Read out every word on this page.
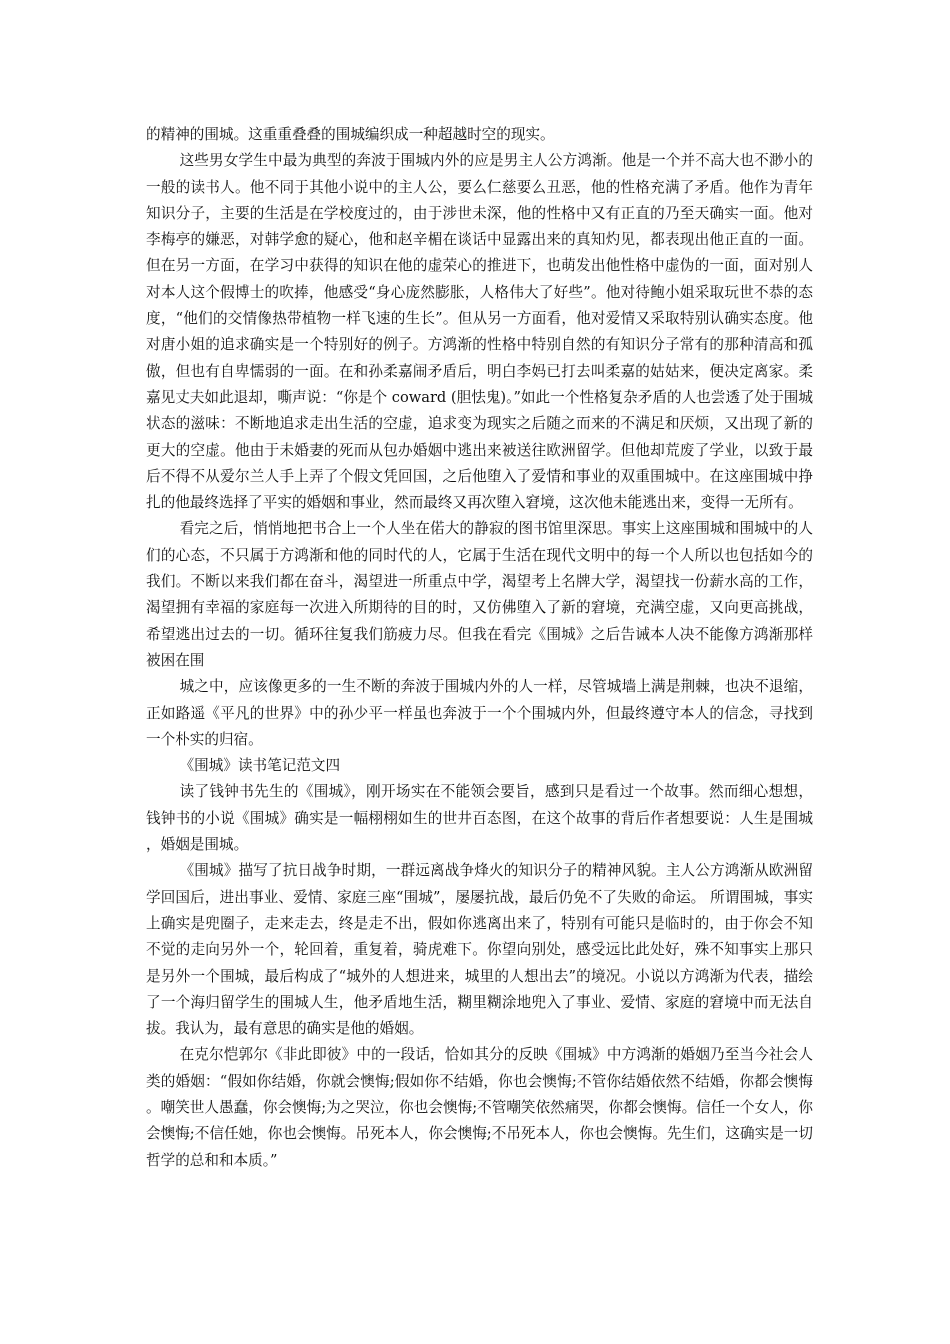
的精神的围城。这重重叠叠的围城编织成一种超越时空的现实。

这些男女学生中最为典型的奔波于围城内外的应是男主人公方鸿渐。他是一个并不高大也不渺小的一般的读书人。他不同于其他小说中的主人公，要么仁慈要么丑恶，他的性格充满了矛盾。他作为青年知识分子，主要的生活是在学校度过的，由于涉世未深，他的性格中又有正直的乃至天确实一面。他对李梅亭的嫌恶，对韩学愈的疑心，他和赵辛楣在谈话中显露出来的真知灼见，都表现出他正直的一面。但在另一方面，在学习中获得的知识在他的虚荣心的推进下，也萌发出他性格中虚伪的一面，面对别人对本人这个假博士的吹捧，他感受“身心庞然膨胀，人格伟大了好些”。他对待鲍小姐采取玩世不恭的态度，“他们的交情像热带植物一样飞速的生长”。但从另一方面看，他对爱情又采取特别认确实态度。他对唐小姐的追求确实是一个特别好的例子。方鸿渐的性格中特别自然的有知识分子常有的那种清高和孤傲，但也有自卑懦弱的一面。在和孙柔嘉闹矛盾后，明白李妈已打去叫柔嘉的姑姑来，便决定离家。柔嘉见丈夫如此退却，嘶声说：“你是个 coward (胆怯鬼)。”如此一个性格复杂矛盾的人也尝透了处于围城状态的滋味：不断地追求走出生活的空虚，追求变为现实之后随之而来的不满足和厌烦，又出现了新的更大的空虚。他由于未婚妻的死而从包办婚姻中逃出来被送往欧洲留学。但他却荒废了学业，以致于最后不得不从爱尔兰人手上弄了个假文凭回国，之后他堕入了爱情和事业的双重围城中。在这座围城中挣扎的他最终选择了平实的婚姻和事业，然而最终又再次堕入窘境，这次他未能逃出来，变得一无所有。

看完之后，悄悄地把书合上一个人坐在偌大的静寂的图书馆里深思。事实上这座围城和围城中的人们的心态，不只属于方鸿渐和他的同时代的人，它属于生活在现代文明中的每一个人所以也包括如今的我们。不断以来我们都在奋斗，渴望进一所重点中学，渴望考上名牌大学，渴望找一份薪水高的工作，渴望拥有幸福的家庭每一次进入所期待的目的时，又仿佛堕入了新的窘境，充满空虚，又向更高挑战，希望逃出过去的一切。循环往复我们筋疲力尽。但我在看完《围城》之后告诫本人决不能像方鸿渐那样被困在围

城之中，应该像更多的一生不断的奔波于围城内外的人一样，尽管城墙上满是荆棘，也决不退缩，正如路遥《平凡的世界》中的孙少平一样虽也奔波于一个个围城内外，但最终遵守本人的信念，寻找到一个朴实的归宿。

《围城》读书笔记范文四

读了钱钟书先生的《围城》，刚开场实在不能领会要旨，感到只是看过一个故事。然而细心想想，钱钟书的小说《围城》确实是一幅栩栩如生的世井百态图，在这个故事的背后作者想要说：人生是围城，婚姻是围城。

《围城》描写了抗日战争时期，一群远离战争烽火的知识分子的精神风貌。主人公方鸿渐从欧洲留学回国后，进出事业、爱情、家庭三座“围城”，屡屡抗战，最后仍免不了失败的命运。 所谓围城，事实上确实是兜圈子，走来走去，终是走不出，假如你逃离出来了，特别有可能只是临时的，由于你会不知不觉的走向另外一个，轮回着，重复着，骑虎难下。你望向别处，感受远比此处好，殊不知事实上那只是另外一个围城，最后构成了“城外的人想进来，城里的人想出去”的境况。小说以方鸿渐为代表，描绘了一个海归留学生的围城人生，他矛盾地生活，糊里糊涂地兜入了事业、爱情、家庭的窘境中而无法自拔。我认为，最有意思的确实是他的婚姻。

在克尔恺郭尔《非此即彼》中的一段话，恰如其分的反映《围城》中方鸿渐的婚姻乃至当今社会人类的婚姻：“假如你结婚，你就会懊悔;假如你不结婚，你也会懊悔;不管你结婚依然不结婚，你都会懊悔。嘲笑世人愚蠢，你会懊悔;为之哭泣，你也会懊悔;不管嘲笑依然痛哭，你都会懊悔。信任一个女人，你会懊悔;不信任她，你也会懊悔。吊死本人，你会懊悔;不吊死本人，你也会懊悔。先生们，这确实是一切哲学的总和和本质。”
